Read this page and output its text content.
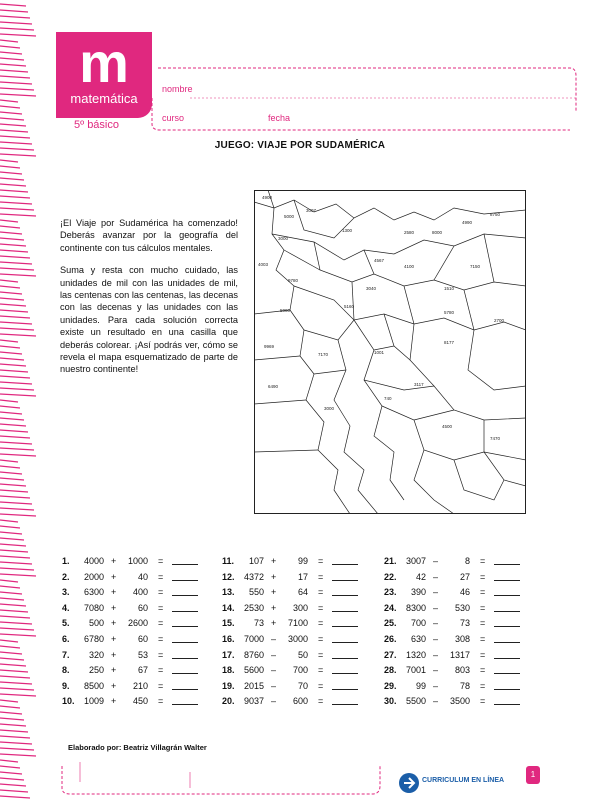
m
matemática
5º básico
nombre
curso	fecha
JUEGO: VIAJE POR SUDAMÉRICA

¡El Viaje por Sudamérica ha comenzado! Deberás avanzar por la geografía del continente con tus cálculos mentales.

Suma y resta con mucho cuidado, las unidades de mil con las unidades de mil, las centenas con las centenas, las decenas con las decenas y las unidades con las unidades. Para cada solución correcta existe un resultado en una casilla que deberás colorear. ¡Así podrás ver, cómo se revela el mapa esquematizado de parte de nuestro continente!

4900
5000
3007
1300
3000
4567
2580	8000
4990
8750
4003
9780
3040
4100
1510
7150
5000
5160
5780
2700
9969
7170	1001
8177
3117
6490
3000
740
4500
7470
1.	4000 +	1000 =
2.	2000 +	40 =
3.	6300 +	400 =
4.	7080 +	60 =
5.	500 +	2600 =
6.	6780 +	60 =
7.	320 +	53 =
8.	250 +	67 =
9.	8500 +	210 =
10.	1009 +	450 =
11.	107 +	99 =
12.	4372 +	17 =
13.	550 +	64 =
14.	2530 +	300 =
15.	73 +	7100 =
16.	7000 –	3000 =
17.	8760 –	50 =
18.	5600 –	700 =
19.	2015 –	70 =
20.	9037 –	600 =
21.	3007 –	8 =
22.	42 –	27 =
23.	390 –	46 =
24.	8300 –	530 =
25.	700 –	73 =
26.	630 –	308 =
27.	1320 –	1317 =
28.	7001 –	803 =
29.	99 –	78 =
30.	5500 –	3500 =
Elaborado por: Beatriz Villagrán Walter
CURRICULUM EN LÍNEA
1
